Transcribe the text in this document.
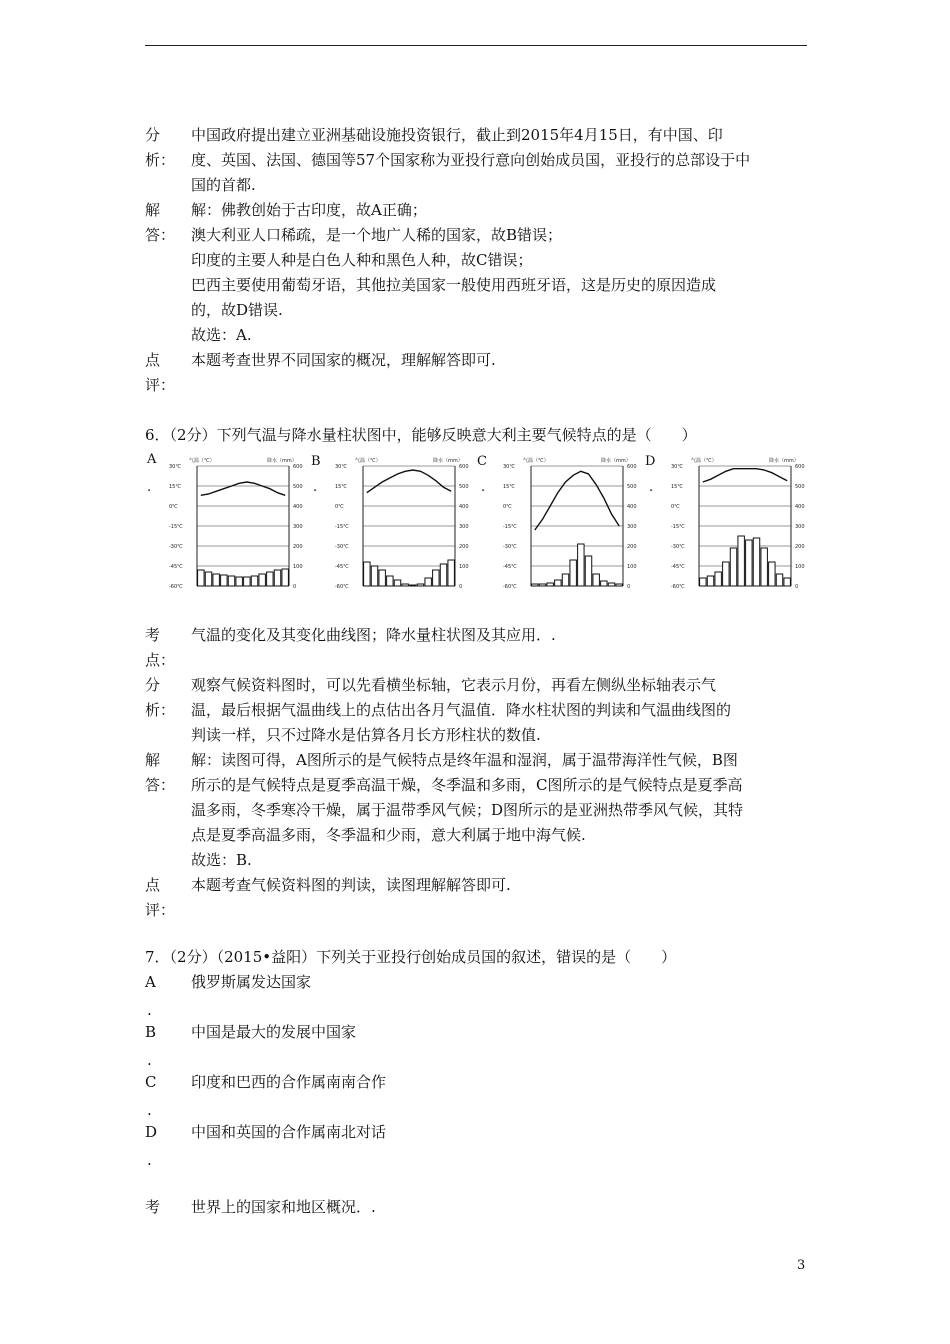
分
析：

中国政府提出建立亚洲基础设施投资银行，截止到2015年4月15日，有中国、印

度、英国、法国、德国等57个国家称为亚投行意向创始成员国，亚投行的总部设于中

国的首都.

解
答：

解：佛教创始于古印度，故A正确；

澳大利亚人口稀疏，是一个地广人稀的国家，故B错误；

印度的主要人种是白色人种和黑色人种，故C错误；

巴西主要使用葡萄牙语，其他拉美国家一般使用西班牙语，这是历史的原因造成

的，故D错误.

故选：A.

点
评：

本题考查世界不同国家的概况，理解解答即可.

6．（2分）下列气温与降水量柱状图中，能够反映意大利主要气候特点的是（　　）
A
.
B
.
C
.
D
.
气温（℃）	降水（mm）
30℃	600
15℃	500
0℃	400
-15℃	300
-30℃	200
-45℃	100
-60℃	0
气温（℃）	降水（mm）
30℃	600
15℃	500
0℃	400
-15℃	300
-30℃	200
-45℃	100
-60℃	0
气温（℃）	降水（mm）
30℃	600
15℃	500
0℃	400
-15℃	300
-30℃	200
-45℃	100
-60℃	0
气温（℃）	降水（mm）
30℃	600
15℃	500
0℃	400
-15℃	300
-30℃	200
-45℃	100
-60℃	0
考
点：

气温的变化及其变化曲线图；降水量柱状图及其应用．.

分
析：

观察气候资料图时，可以先看横坐标轴，它表示月份，再看左侧纵坐标轴表示气

温，最后根据气温曲线上的点估出各月气温值．降水柱状图的判读和气温曲线图的

判读一样，只不过降水是估算各月长方形柱状的数值.

解
答：

解：读图可得，A图所示的是气候特点是终年温和湿润，属于温带海洋性气候，B图

所示的是气候特点是夏季高温干燥，冬季温和多雨，C图所示的是气候特点是夏季高

温多雨，冬季寒冷干燥，属于温带季风气候；D图所示的是亚洲热带季风气候，其特

点是夏季高温多雨，冬季温和少雨，意大利属于地中海气候.

故选：B.

点
评：

本题考查气候资料图的判读，读图理解解答即可.

7．（2分）（2015•益阳）下列关于亚投行创始成员国的叙述，错误的是（　　）
A 俄罗斯属发达国家
.
B 中国是最大的发展中国家
.
C 印度和巴西的合作属南南合作
.
D 中国和英国的合作属南北对话
.
考	世界上的国家和地区概况．.

3
